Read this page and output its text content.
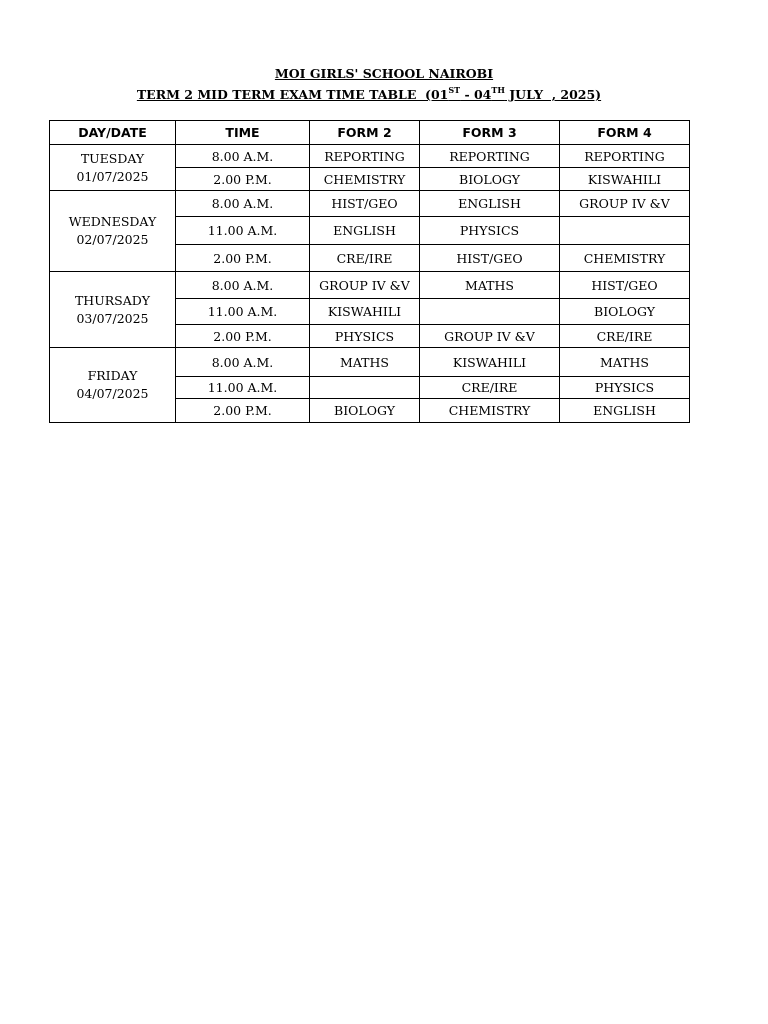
MOI GIRLS' SCHOOL NAIROBI
TERM 2 MID TERM EXAM TIME TABLE  (01ST - 04TH JULY  , 2025)
DAY/DATE	TIME	FORM 2	FORM 3	FORM 4

TUESDAY
01/07/2025	8.00 A.M.	REPORTING	REPORTING	REPORTING
	2.00 P.M.	CHEMISTRY	BIOLOGY	KISWAHILI

WEDNESDAY
02/07/2025	8.00 A.M.	HIST/GEO	ENGLISH	GROUP IV &V
	11.00 A.M.	ENGLISH	PHYSICS	
	2.00 P.M.	CRE/IRE	HIST/GEO	CHEMISTRY

THURSADY
03/07/2025	8.00 A.M.	GROUP IV &V	MATHS	HIST/GEO
	11.00 A.M.	KISWAHILI		BIOLOGY
	2.00 P.M.	PHYSICS	GROUP IV &V	CRE/IRE

FRIDAY
04/07/2025	8.00 A.M.	MATHS	KISWAHILI	MATHS
	11.00 A.M.		CRE/IRE	PHYSICS
	2.00 P.M.	BIOLOGY	CHEMISTRY	ENGLISH
